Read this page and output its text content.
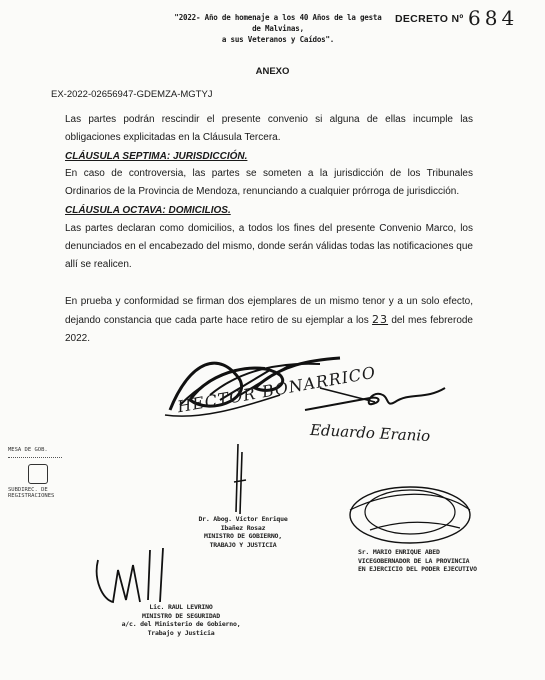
"2022- Año de homenaje a los 40 Años de la gesta de Malvinas,
a sus Veteranos y Caídos".
DECRETO Nº 684
ANEXO
EX-2022-02656947-GDEMZA-MGTYJ
Las partes podrán rescindir el presente convenio si alguna de ellas incumple las obligaciones explicitadas en la Cláusula Tercera.
CLÁUSULA SEPTIMA: JURISDICCIÓN.
En caso de controversia, las partes se someten a la jurisdicción de los Tribunales Ordinarios de la Provincia de Mendoza, renunciando a cualquier prórroga de jurisdicción.
CLÁUSULA OCTAVA: DOMICILIOS.
Las partes declaran como domicilios, a todos los fines del presente Convenio Marco, los denunciados en el encabezado del mismo, donde serán válidas todas las notificaciones que allí se realicen.
En prueba y conformidad se firman dos ejemplares de un mismo tenor y a un solo efecto, dejando constancia que cada parte hace retiro de su ejemplar a los 23 del mes febrerode 2022.
HECTOR BONARRICO
Eduardo Eranio
Dr. Abog. Víctor Enrique Ibañez Rosaz
MINISTRO DE GOBIERNO,
TRABAJO Y JUSTICIA
Sr. MARIO ENRIQUE ABED
VICEGOBERNADOR DE LA PROVINCIA
EN EJERCICIO DEL PODER EJECUTIVO
Lic. RAUL LEVRINO
MINISTRO DE SEGURIDAD
a/c. del Ministerio de Gobierno,
Trabajo y Justicia
MESA DE GOB.
SUBDIREC. DE
REGISTRACIONES
